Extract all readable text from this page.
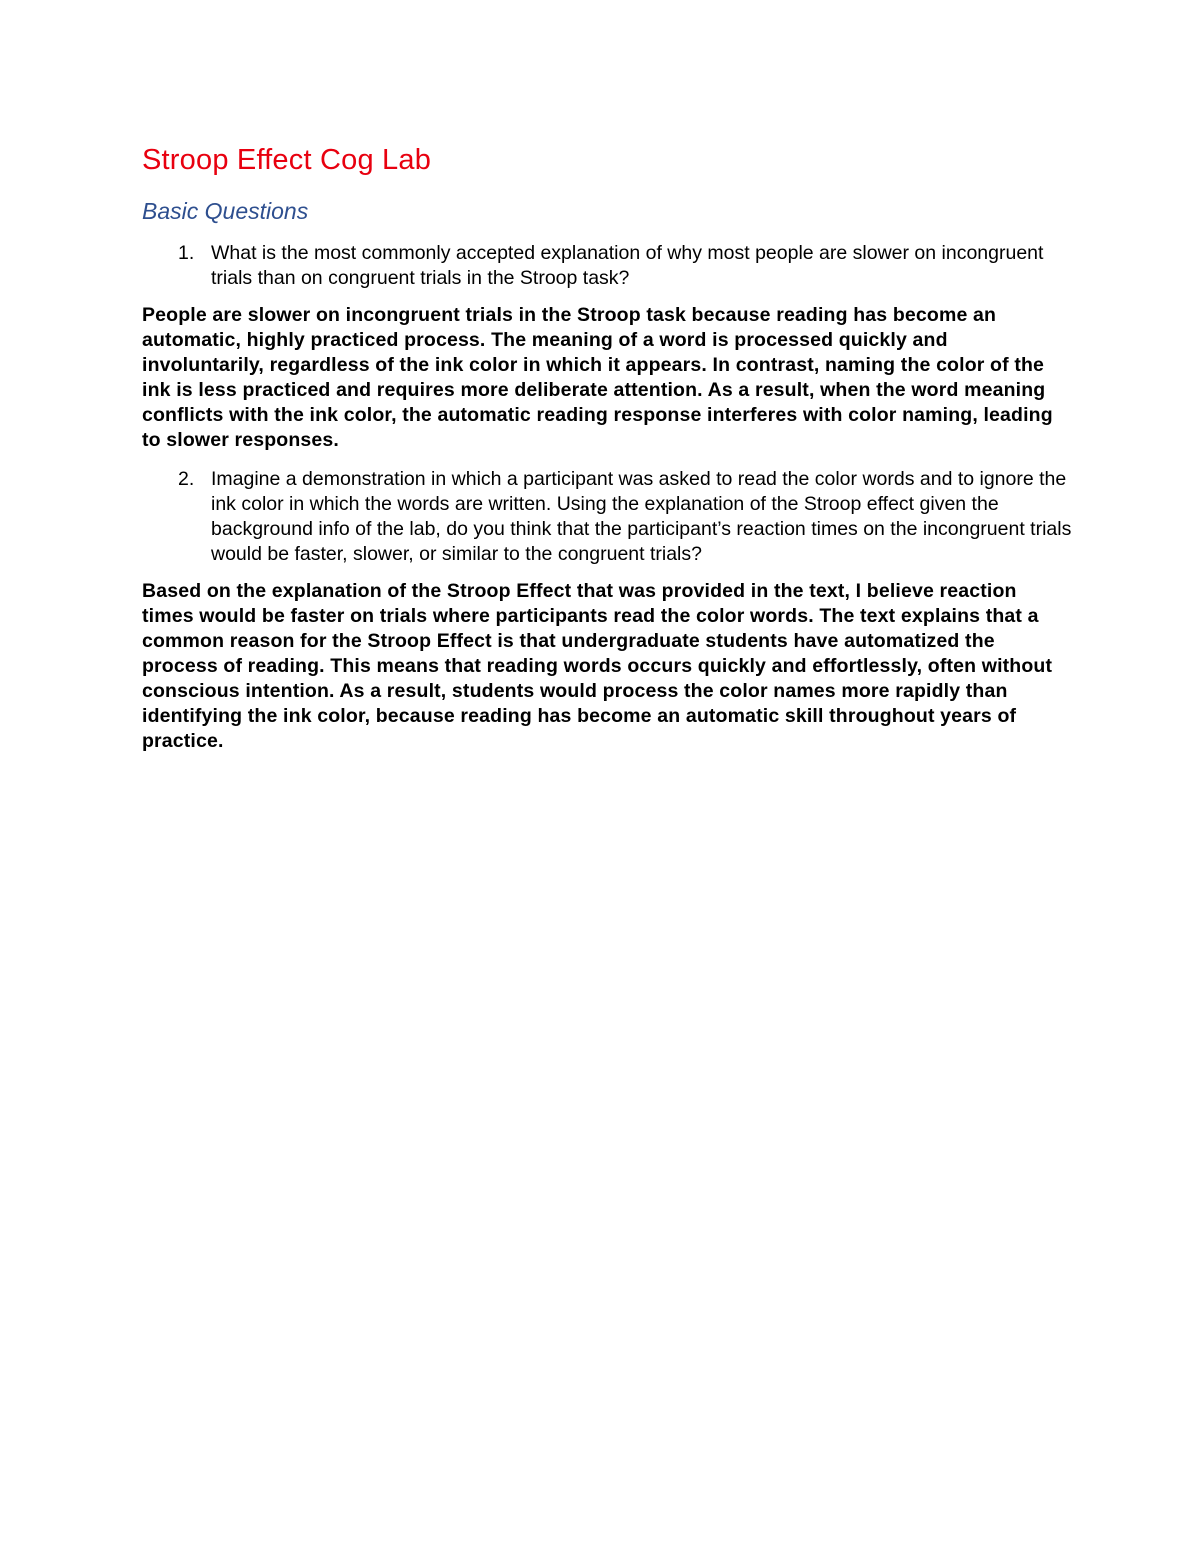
Stroop Effect Cog Lab
Basic Questions
1. What is the most commonly accepted explanation of why most people are slower on incongruent trials than on congruent trials in the Stroop task?

People are slower on incongruent trials in the Stroop task because reading has become an automatic, highly practiced process. The meaning of a word is processed quickly and involuntarily, regardless of the ink color in which it appears. In contrast, naming the color of the ink is less practiced and requires more deliberate attention. As a result, when the word meaning conflicts with the ink color, the automatic reading response interferes with color naming, leading to slower responses.

2. Imagine a demonstration in which a participant was asked to read the color words and to ignore the ink color in which the words are written. Using the explanation of the Stroop effect given the background info of the lab, do you think that the participant’s reaction times on the incongruent trials would be faster, slower, or similar to the congruent trials?

Based on the explanation of the Stroop Effect that was provided in the text, I believe reaction times would be faster on trials where participants read the color words. The text explains that a common reason for the Stroop Effect is that undergraduate students have automatized the process of reading. This means that reading words occurs quickly and effortlessly, often without conscious intention. As a result, students would process the color names more rapidly than identifying the ink color, because reading has become an automatic skill throughout years of practice.
